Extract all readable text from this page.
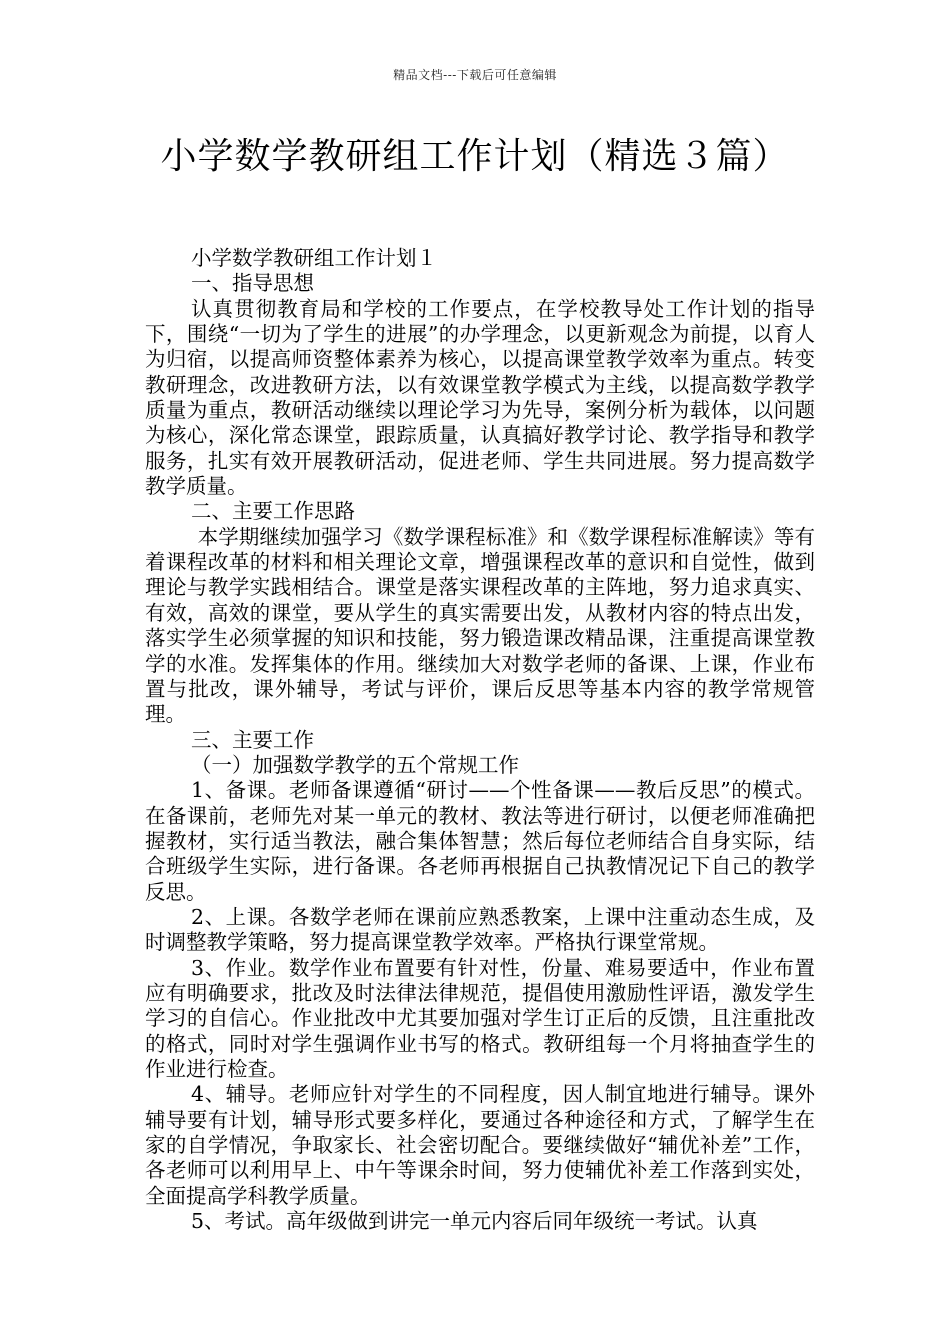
精品文档---下载后可任意编辑
小学数学教研组工作计划（精选３篇）

小学数学教研组工作计划１

一、指导思想

认真贯彻教育局和学校的工作要点，在学校教导处工作计划的指导下，围绕“一切为了学生的进展”的办学理念，以更新观念为前提，以育人为归宿，以提高师资整体素养为核心，以提高课堂教学效率为重点。转变教研理念，改进教研方法，以有效课堂教学模式为主线，以提高数学教学质量为重点，教研活动继续以理论学习为先导，案例分析为载体，以问题为核心，深化常态课堂，跟踪质量，认真搞好教学讨论、教学指导和教学服务，扎实有效开展教研活动，促进老师、学生共同进展。努力提高数学教学质量。

二、主要工作思路

本学期继续加强学习《数学课程标准》和《数学课程标准解读》等有着课程改革的材料和相关理论文章，增强课程改革的意识和自觉性，做到理论与教学实践相结合。课堂是落实课程改革的主阵地，努力追求真实、有效，高效的课堂，要从学生的真实需要出发，从教材内容的特点出发，落实学生必须掌握的知识和技能，努力锻造课改精品课，注重提高课堂教学的水准。发挥集体的作用。继续加大对数学老师的备课、上课，作业布置与批改，课外辅导，考试与评价，课后反思等基本内容的教学常规管理。

三、主要工作

（一）加强数学教学的五个常规工作

1、备课。老师备课遵循“研讨——个性备课——教后反思”的模式。在备课前，老师先对某一单元的教材、教法等进行研讨，以便老师准确把握教材，实行适当教法，融合集体智慧；然后每位老师结合自身实际，结合班级学生实际，进行备课。各老师再根据自己执教情况记下自己的教学反思。

2、上课。各数学老师在课前应熟悉教案，上课中注重动态生成，及时调整教学策略，努力提高课堂教学效率。严格执行课堂常规。

3、作业。数学作业布置要有针对性，份量、难易要适中，作业布置应有明确要求，批改及时法律法律规范，提倡使用激励性评语，激发学生学习的自信心。作业批改中尤其要加强对学生订正后的反馈，且注重批改的格式，同时对学生强调作业书写的格式。教研组每一个月将抽查学生的作业进行检查。

4、辅导。老师应针对学生的不同程度，因人制宜地进行辅导。课外辅导要有计划，辅导形式要多样化，要通过各种途径和方式，了解学生在家的自学情况，争取家长、社会密切配合。要继续做好“辅优补差”工作，各老师可以利用早上、中午等课余时间，努力使辅优补差工作落到实处，全面提高学科教学质量。

5、考试。高年级做到讲完一单元内容后同年级统一考试。认真
